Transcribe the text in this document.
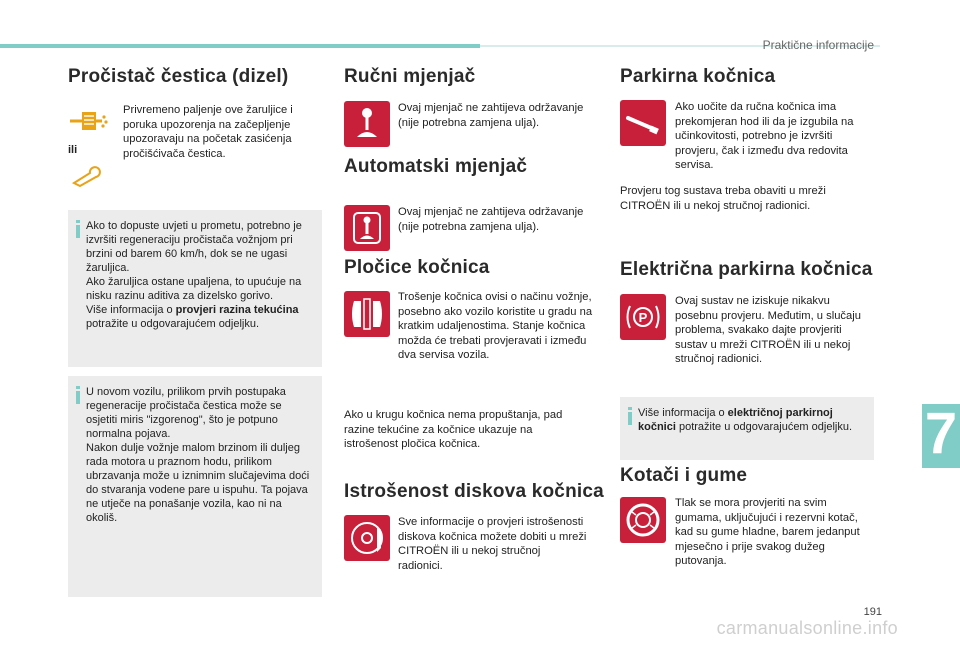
Praktične informacije
Pročistač čestica (dizel)
Privremeno paljenje ove žaruljice i poruka upozorenja na začepljenje upozoravaju na početak zasićenja pročišćivača čestica.
ili
Ako to dopuste uvjeti u prometu, potrebno je izvršiti regeneraciju pročistača vožnjom pri brzini od barem 60 km/h, dok se ne ugasi žaruljica.
Ako žaruljica ostane upaljena, to upućuje na nisku razinu aditiva za dizelsko gorivo.
Više informacija o provjeri razina tekućina potražite u odgovarajućem odjeljku.
U novom vozilu, prilikom prvih postupaka regeneracije pročistača čestica može se osjetiti miris "izgorenog", što je potpuno normalna pojava.
Nakon dulje vožnje malom brzinom ili duljeg rada motora u praznom hodu, prilikom ubrzavanja može u iznimnim slučajevima doći do stvaranja vodene pare u ispuhu. Ta pojava ne utječe na ponašanje vozila, kao ni na okoliš.
Ručni mjenjač
Ovaj mjenjač ne zahtijeva održavanje (nije potrebna zamjena ulja).
Automatski mjenjač
Ovaj mjenjač ne zahtijeva održavanje (nije potrebna zamjena ulja).
Pločice kočnica
Trošenje kočnica ovisi o načinu vožnje, posebno ako vozilo koristite u gradu na kratkim udaljenostima. Stanje kočnica možda će trebati provjeravati i između dva servisa vozila.
Ako u krugu kočnica nema propuštanja, pad razine tekućine za kočnice ukazuje na istrošenost pločica kočnica.
Istrošenost diskova kočnica
Sve informacije o provjeri istrošenosti diskova kočnica možete dobiti u mreži CITROËN ili u nekoj stručnoj radionici.
Parkirna kočnica
Ako uočite da ručna kočnica ima prekomjeran hod ili da je izgubila na učinkovitosti, potrebno je izvršiti provjeru, čak i između dva redovita servisa.
Provjeru tog sustava treba obaviti u mreži CITROËN ili u nekoj stručnoj radionici.
Električna parkirna kočnica
P
Ovaj sustav ne iziskuje nikakvu posebnu provjeru. Međutim, u slučaju problema, svakako dajte provjeriti sustav u mreži CITROËN ili u nekoj stručnoj radionici.
Više informacija o električnoj parkirnoj kočnici potražite u odgovarajućem odjeljku.
Kotači i gume
Tlak se mora provjeriti na svim gumama, uključujući i rezervni kotač, kad su gume hladne, barem jedanput mjesečno i prije svakog dužeg putovanja.
7
191
carmanualsonline.info
